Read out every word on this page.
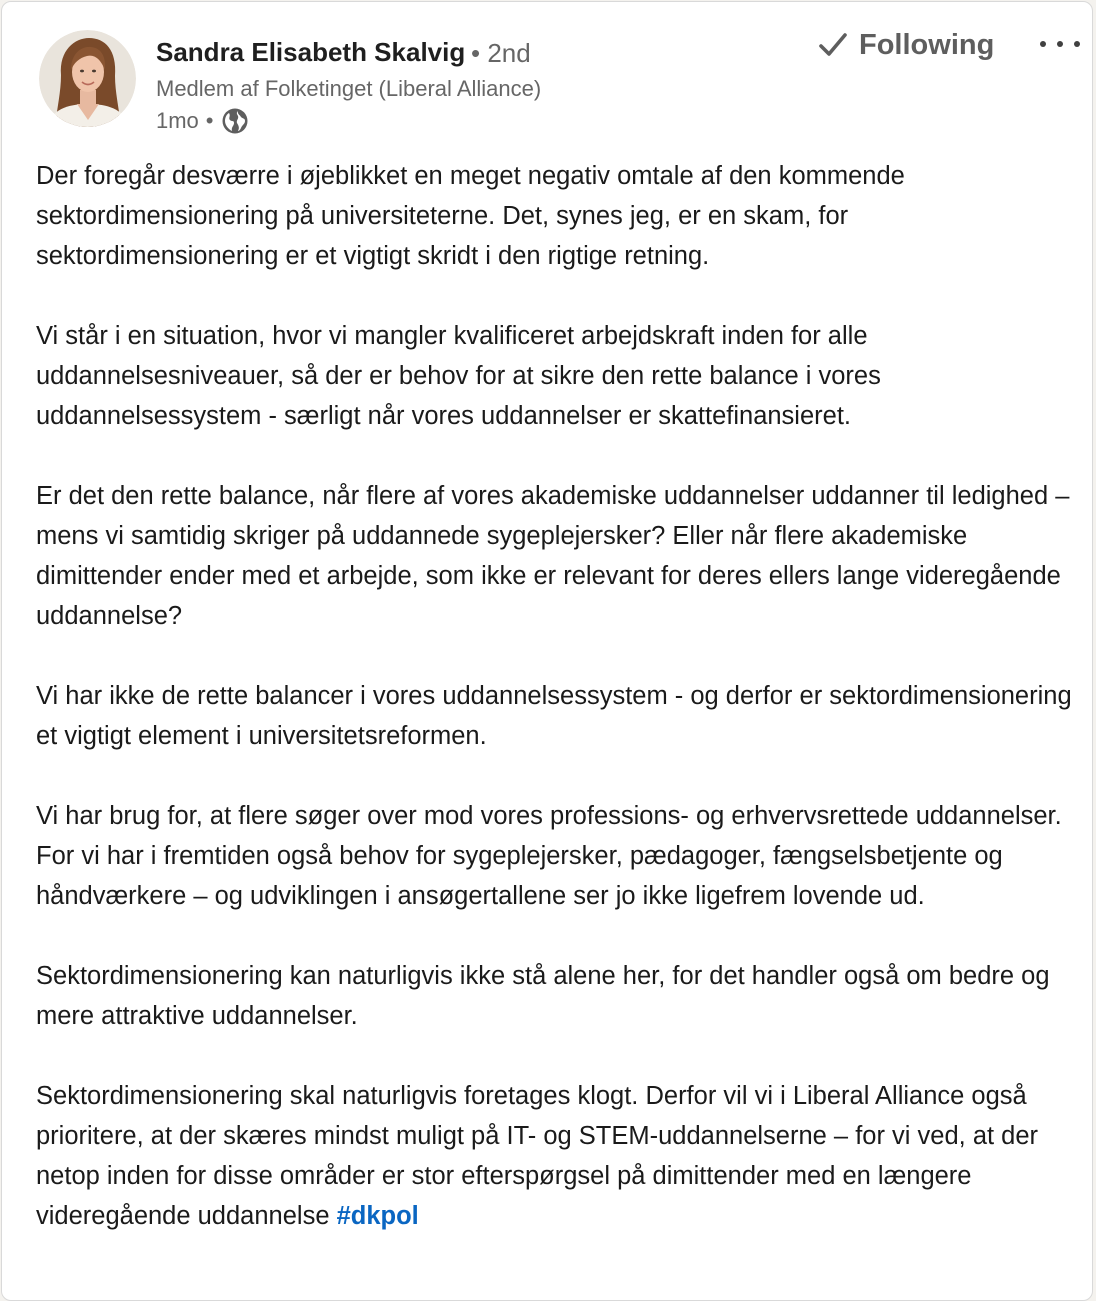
Sandra Elisabeth Skalvig • 2nd
Medlem af Folketinget (Liberal Alliance)
1mo •
Following

Der foregår desværre i øjeblikket en meget negativ omtale af den kommende sektordimensionering på universiteterne. Det, synes jeg, er en skam, for sektordimensionering er et vigtigt skridt i den rigtige retning.

Vi står i en situation, hvor vi mangler kvalificeret arbejdskraft inden for alle uddannelsesniveauer, så der er behov for at sikre den rette balance i vores uddannelsessystem - særligt når vores uddannelser er skattefinansieret.

Er det den rette balance, når flere af vores akademiske uddannelser uddanner til ledighed – mens vi samtidig skriger på uddannede sygeplejersker? Eller når flere akademiske dimittender ender med et arbejde, som ikke er relevant for deres ellers lange videregående uddannelse?

Vi har ikke de rette balancer i vores uddannelsessystem - og derfor er sektordimensionering et vigtigt element i universitetsreformen.

Vi har brug for, at flere søger over mod vores professions- og erhvervsrettede uddannelser. For vi har i fremtiden også behov for sygeplejersker, pædagoger, fængselsbetjente og håndværkere – og udviklingen i ansøgertallene ser jo ikke ligefrem lovende ud.

Sektordimensionering kan naturligvis ikke stå alene her, for det handler også om bedre og mere attraktive uddannelser.

Sektordimensionering skal naturligvis foretages klogt. Derfor vil vi i Liberal Alliance også prioritere, at der skæres mindst muligt på IT- og STEM-uddannelserne – for vi ved, at der netop inden for disse områder er stor efterspørgsel på dimittender med en længere videregående uddannelse #dkpol
